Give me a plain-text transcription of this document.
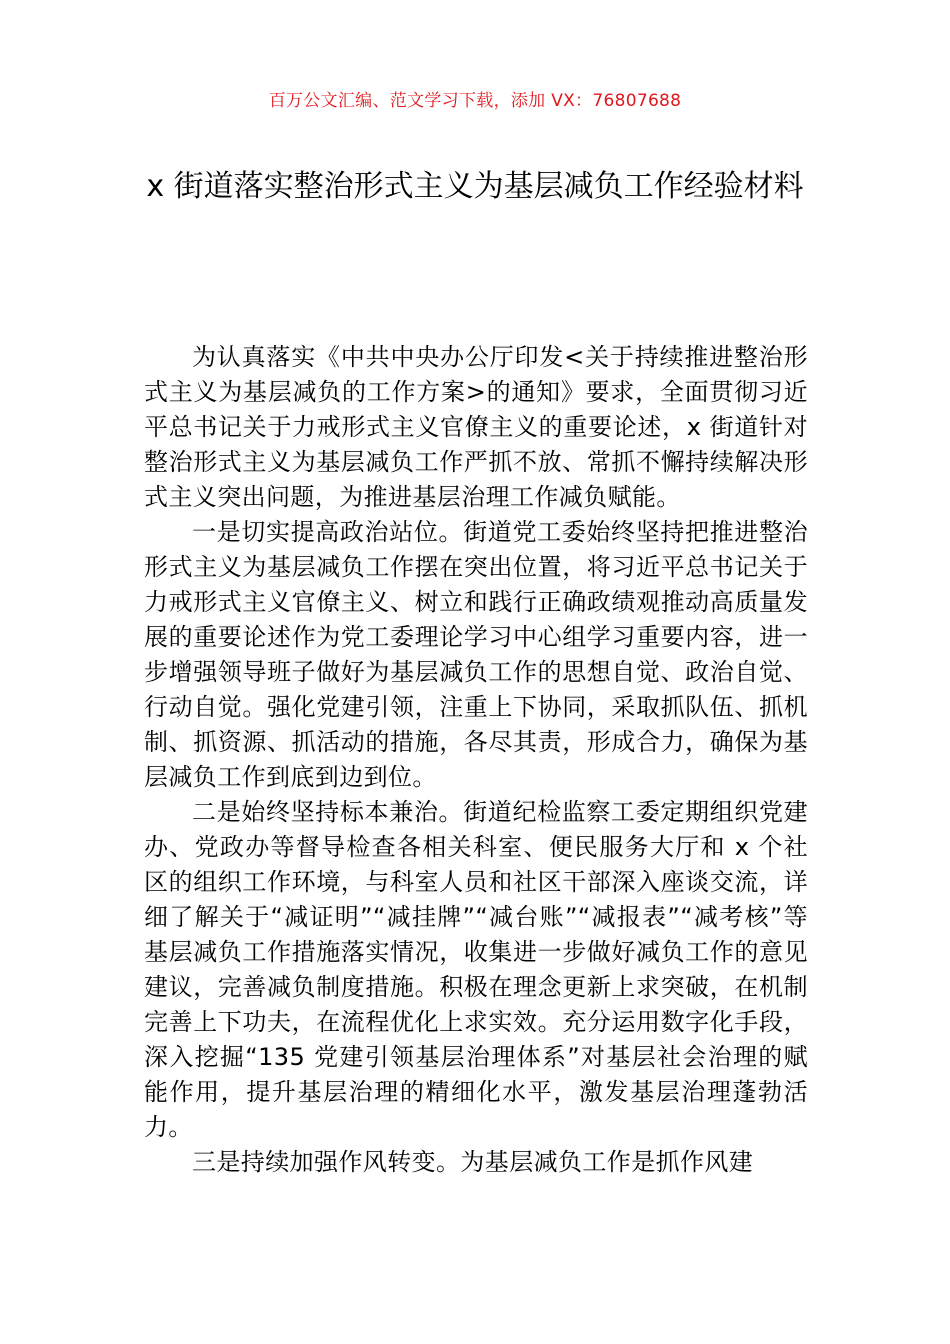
百万公文汇编、范文学习下载，添加 VX：76807688
x 街道落实整治形式主义为基层减负工作经验材料

为认真落实《中共中央办公厅印发<关于持续推进整治形式主义为基层减负的工作方案>的通知》要求，全面贯彻习近平总书记关于力戒形式主义官僚主义的重要论述，x 街道针对整治形式主义为基层减负工作严抓不放、常抓不懈持续解决形式主义突出问题，为推进基层治理工作减负赋能。

一是切实提高政治站位。街道党工委始终坚持把推进整治形式主义为基层减负工作摆在突出位置，将习近平总书记关于力戒形式主义官僚主义、树立和践行正确政绩观推动高质量发展的重要论述作为党工委理论学习中心组学习重要内容，进一步增强领导班子做好为基层减负工作的思想自觉、政治自觉、行动自觉。强化党建引领，注重上下协同，采取抓队伍、抓机制、抓资源、抓活动的措施，各尽其责，形成合力，确保为基层减负工作到底到边到位。

二是始终坚持标本兼治。街道纪检监察工委定期组织党建办、党政办等督导检查各相关科室、便民服务大厅和 x 个社区的组织工作环境，与科室人员和社区干部深入座谈交流，详细了解关于“减证明”“减挂牌”“减台账”“减报表”“减考核”等基层减负工作措施落实情况，收集进一步做好减负工作的意见建议，完善减负制度措施。积极在理念更新上求突破，在机制完善上下功夫，在流程优化上求实效。充分运用数字化手段，深入挖掘“135 党建引领基层治理体系”对基层社会治理的赋能作用，提升基层治理的精细化水平，激发基层治理蓬勃活力。

三是持续加强作风转变。为基层减负工作是抓作风建
